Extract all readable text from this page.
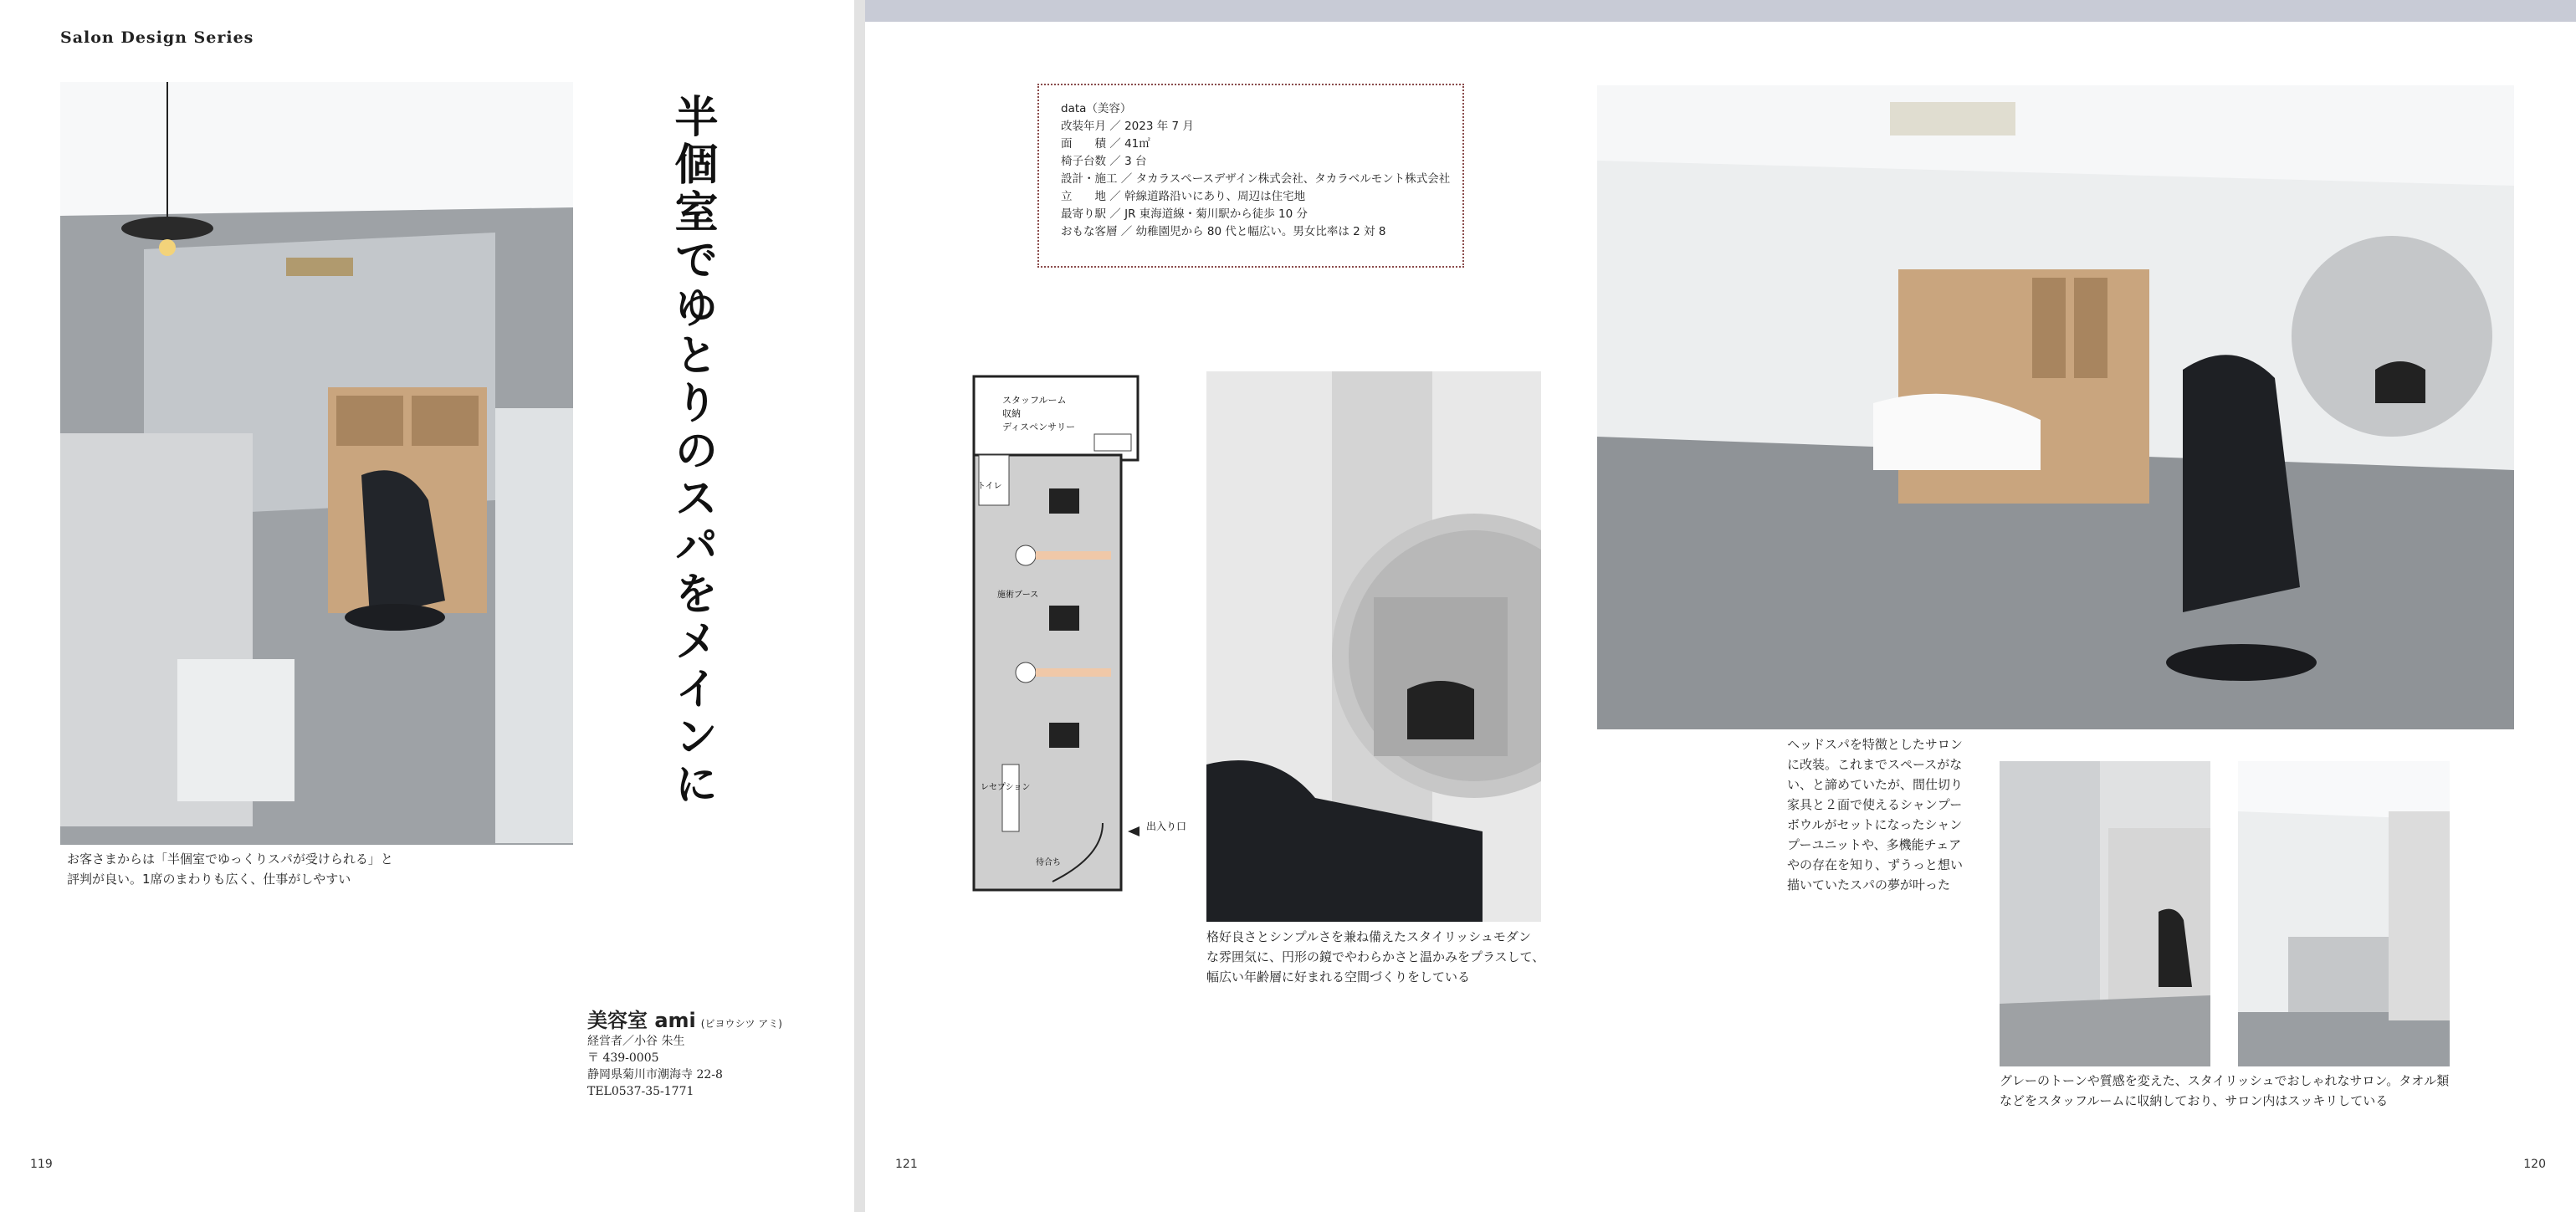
Salon Design Series
お客さまからは「半個室でゆっくりスパが受けられる」と
評判が良い。1席のまわりも広く、仕事がしやすい
半個室でゆとりのスパをメインに
美容室 ami (ビヨウシツ アミ)
経営者／小谷 朱生
〒 439-0005
静岡県菊川市潮海寺 22-8
TEL0537-35-1771
119
data（美容）
改装年月 ／ 2023 年 7 月
面　　積 ／ 41㎡
椅子台数 ／ 3 台
設計・施工 ／ タカラスペースデザイン株式会社、タカラベルモント株式会社
立　　地 ／ 幹線道路沿いにあり、周辺は住宅地
最寄り駅 ／ JR 東海道線・菊川駅から徒歩 10 分
おもな客層 ／ 幼稚園児から 80 代と幅広い。男女比率は 2 対 8
スタッフルーム
収納
ディスペンサリー
トイレ
施術ブース
レセプション
待合ち
出入り口
格好良さとシンプルさを兼ね備えたスタイリッシュモダン
な雰囲気に、円形の鏡でやわらかさと温かみをプラスして、
幅広い年齢層に好まれる空間づくりをしている
ヘッドスパを特徴としたサロン
に改装。これまでスペースがな
い、と諦めていたが、間仕切り
家具と２面で使えるシャンプー
ボウルがセットになったシャン
プーユニットや、多機能チェア
やの存在を知り、ずうっと想い
描いていたスパの夢が叶った
グレーのトーンや質感を変えた、スタイリッシュでおしゃれなサロン。タオル類
などをスタッフルームに収納しており、サロン内はスッキリしている
121	120
